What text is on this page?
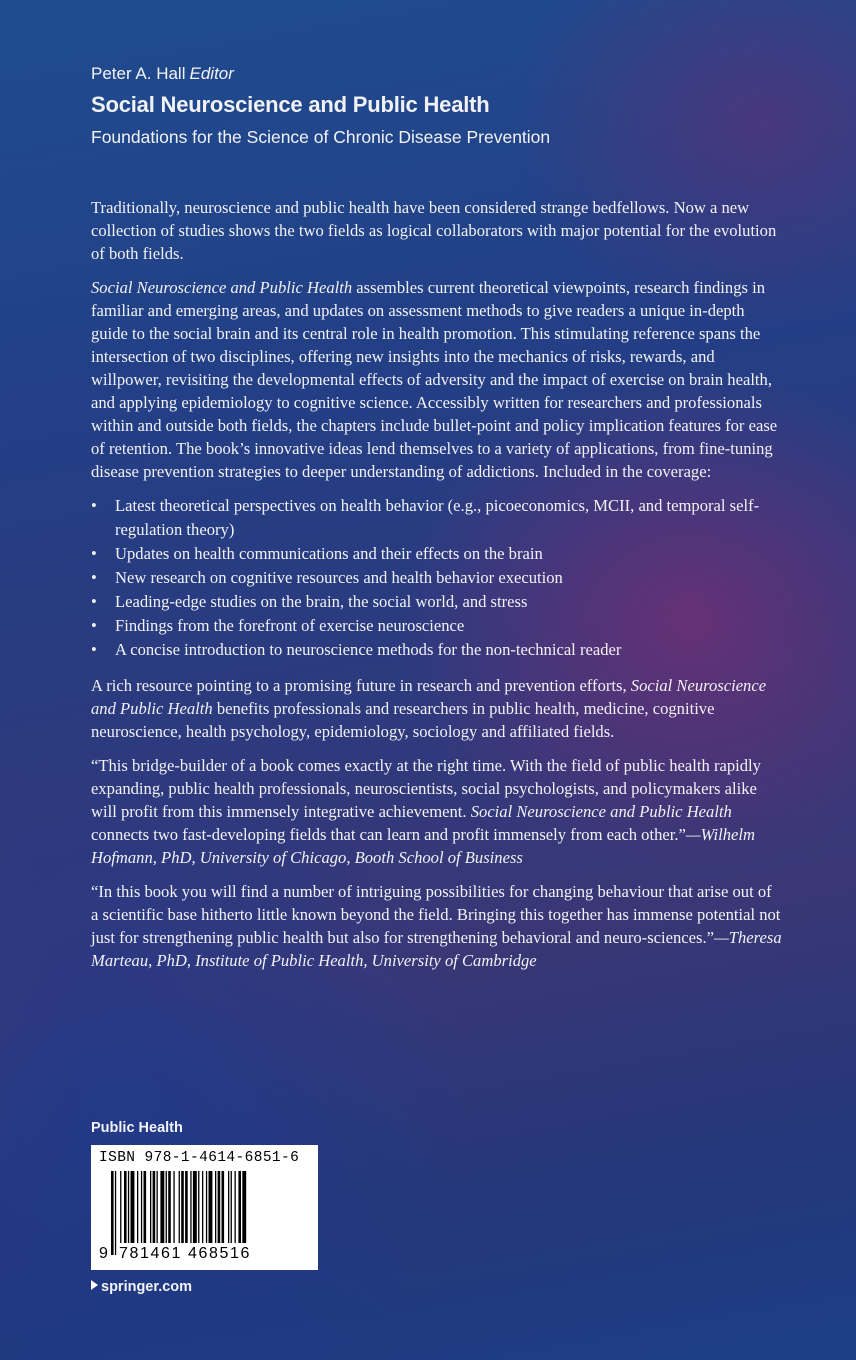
Peter A. Hall Editor
Social Neuroscience and Public Health
Foundations for the Science of Chronic Disease Prevention

Traditionally, neuroscience and public health have been considered strange bedfellows. Now a new collection of studies shows the two fields as logical collaborators with major potential for the evolution of both fields.

Social Neuroscience and Public Health assembles current theoretical viewpoints, research findings in familiar and emerging areas, and updates on assessment methods to give readers a unique in-depth guide to the social brain and its central role in health promotion. This stimulating reference spans the intersection of two disciplines, offering new insights into the mechanics of risks, rewards, and willpower, revisiting the developmental effects of adversity and the impact of exercise on brain health, and applying epidemiology to cognitive science. Accessibly written for researchers and professionals within and outside both fields, the chapters include bullet-point and policy implication features for ease of retention. The book’s innovative ideas lend themselves to a variety of applications, from fine-tuning disease prevention strategies to deeper understanding of addictions. Included in the coverage:

• Latest theoretical perspectives on health behavior (e.g., picoeconomics, MCII, and temporal self-regulation theory)
• Updates on health communications and their effects on the brain
• New research on cognitive resources and health behavior execution
• Leading-edge studies on the brain, the social world, and stress
• Findings from the forefront of exercise neuroscience
• A concise introduction to neuroscience methods for the non-technical reader

A rich resource pointing to a promising future in research and prevention efforts, Social Neuroscience and Public Health benefits professionals and researchers in public health, medicine, cognitive neuroscience, health psychology, epidemiology, sociology and affiliated fields.

“This bridge-builder of a book comes exactly at the right time. With the field of public health rapidly expanding, public health professionals, neuroscientists, social psychologists, and policymakers alike will profit from this immensely integrative achievement. Social Neuroscience and Public Health connects two fast-developing fields that can learn and profit immensely from each other.”—Wilhelm Hofmann, PhD, University of Chicago, Booth School of Business

“In this book you will find a number of intriguing possibilities for changing behaviour that arise out of a scientific base hitherto little known beyond the field. Bringing this together has immense potential not just for strengthening public health but also for strengthening behavioral and neuro-sciences.”—Theresa Marteau, PhD, Institute of Public Health, University of Cambridge

Public Health
ISBN 978-1-4614-6851-6
9 781461 468516
springer.com
